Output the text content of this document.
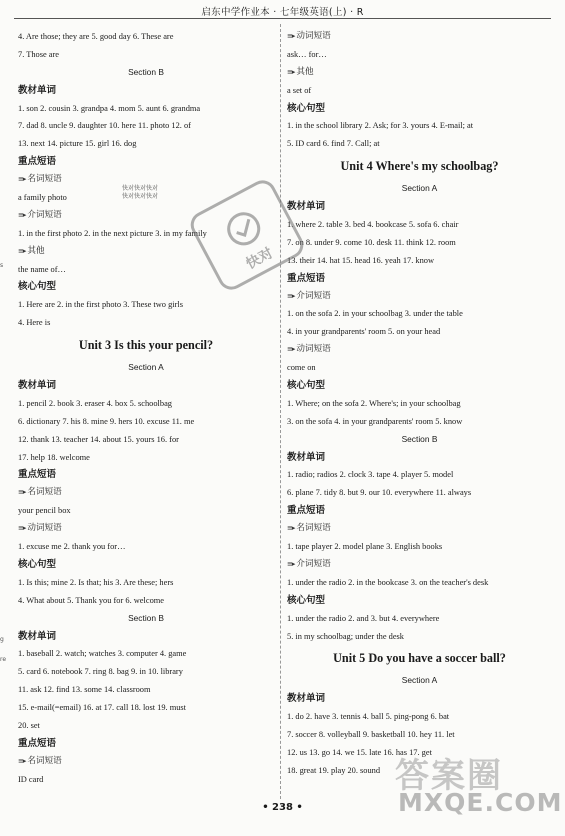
启东中学作业本 · 七年级英语(上) · R
4. Are those; they are 5. good day 6. These are
7. Those are
Section B
教材单词
1. son 2. cousin 3. grandpa 4. mom 5. aunt 6. grandma
7. dad 8. uncle 9. daughter 10. here 11. photo 12. of
13. next 14. picture 15. girl 16. dog
重点短语
≡▸ 名词短语
a family photo
≡▸ 介词短语
1. in the first photo 2. in the next picture 3. in my family
≡▸ 其他
the name of…
核心句型
1. Here are 2. in the first photo 3. These two girls
4. Here is
Unit 3 Is this your pencil?
Section A
教材单词
1. pencil 2. book 3. eraser 4. box 5. schoolbag
6. dictionary 7. his 8. mine 9. hers 10. excuse 11. me
12. thank 13. teacher 14. about 15. yours 16. for
17. help 18. welcome
重点短语
≡▸ 名词短语
your pencil box
≡▸ 动词短语
1. excuse me 2. thank you for…
核心句型
1. Is this; mine 2. Is that; his 3. Are these; hers
4. What about 5. Thank you for 6. welcome
Section B
教材单词
1. baseball 2. watch; watches 3. computer 4. game
5. card 6. notebook 7. ring 8. bag 9. in 10. library
11. ask 12. find 13. some 14. classroom
15. e-mail(=email) 16. at 17. call 18. lost 19. must
20. set
重点短语
≡▸ 名词短语
ID card
≡▸ 动词短语
ask… for…
≡▸ 其他
a set of
核心句型
1. in the school library 2. Ask; for 3. yours 4. E-mail; at
5. ID card 6. find 7. Call; at
Unit 4 Where's my schoolbag?
Section A
教材单词
1. where 2. table 3. bed 4. bookcase 5. sofa 6. chair
7. on 8. under 9. come 10. desk 11. think 12. room
13. their 14. hat 15. head 16. yeah 17. know
重点短语
≡▸ 介词短语
1. on the sofa 2. in your schoolbag 3. under the table
4. in your grandparents' room 5. on your head
≡▸ 动词短语
come on
核心句型
1. Where; on the sofa 2. Where's; in your schoolbag
3. on the sofa 4. in your grandparents' room 5. know
Section B
教材单词
1. radio; radios 2. clock 3. tape 4. player 5. model
6. plane 7. tidy 8. but 9. our 10. everywhere 11. always
重点短语
≡▸ 名词短语
1. tape player 2. model plane 3. English books
≡▸ 介词短语
1. under the radio 2. in the bookcase 3. on the teacher's desk
核心句型
1. under the radio 2. and 3. but 4. everywhere
5. in my schoolbag; under the desk
Unit 5 Do you have a soccer ball?
Section A
教材单词
1. do 2. have 3. tennis 4. ball 5. ping-pong 6. bat
7. soccer 8. volleyball 9. basketball 10. hey 11. let
12. us 13. go 14. we 15. late 16. has 17. get
18. great 19. play 20. sound
快对快对快对
快对快对快对
快对
答案圈
MXQE.COM
s
g
re
• 238 •
